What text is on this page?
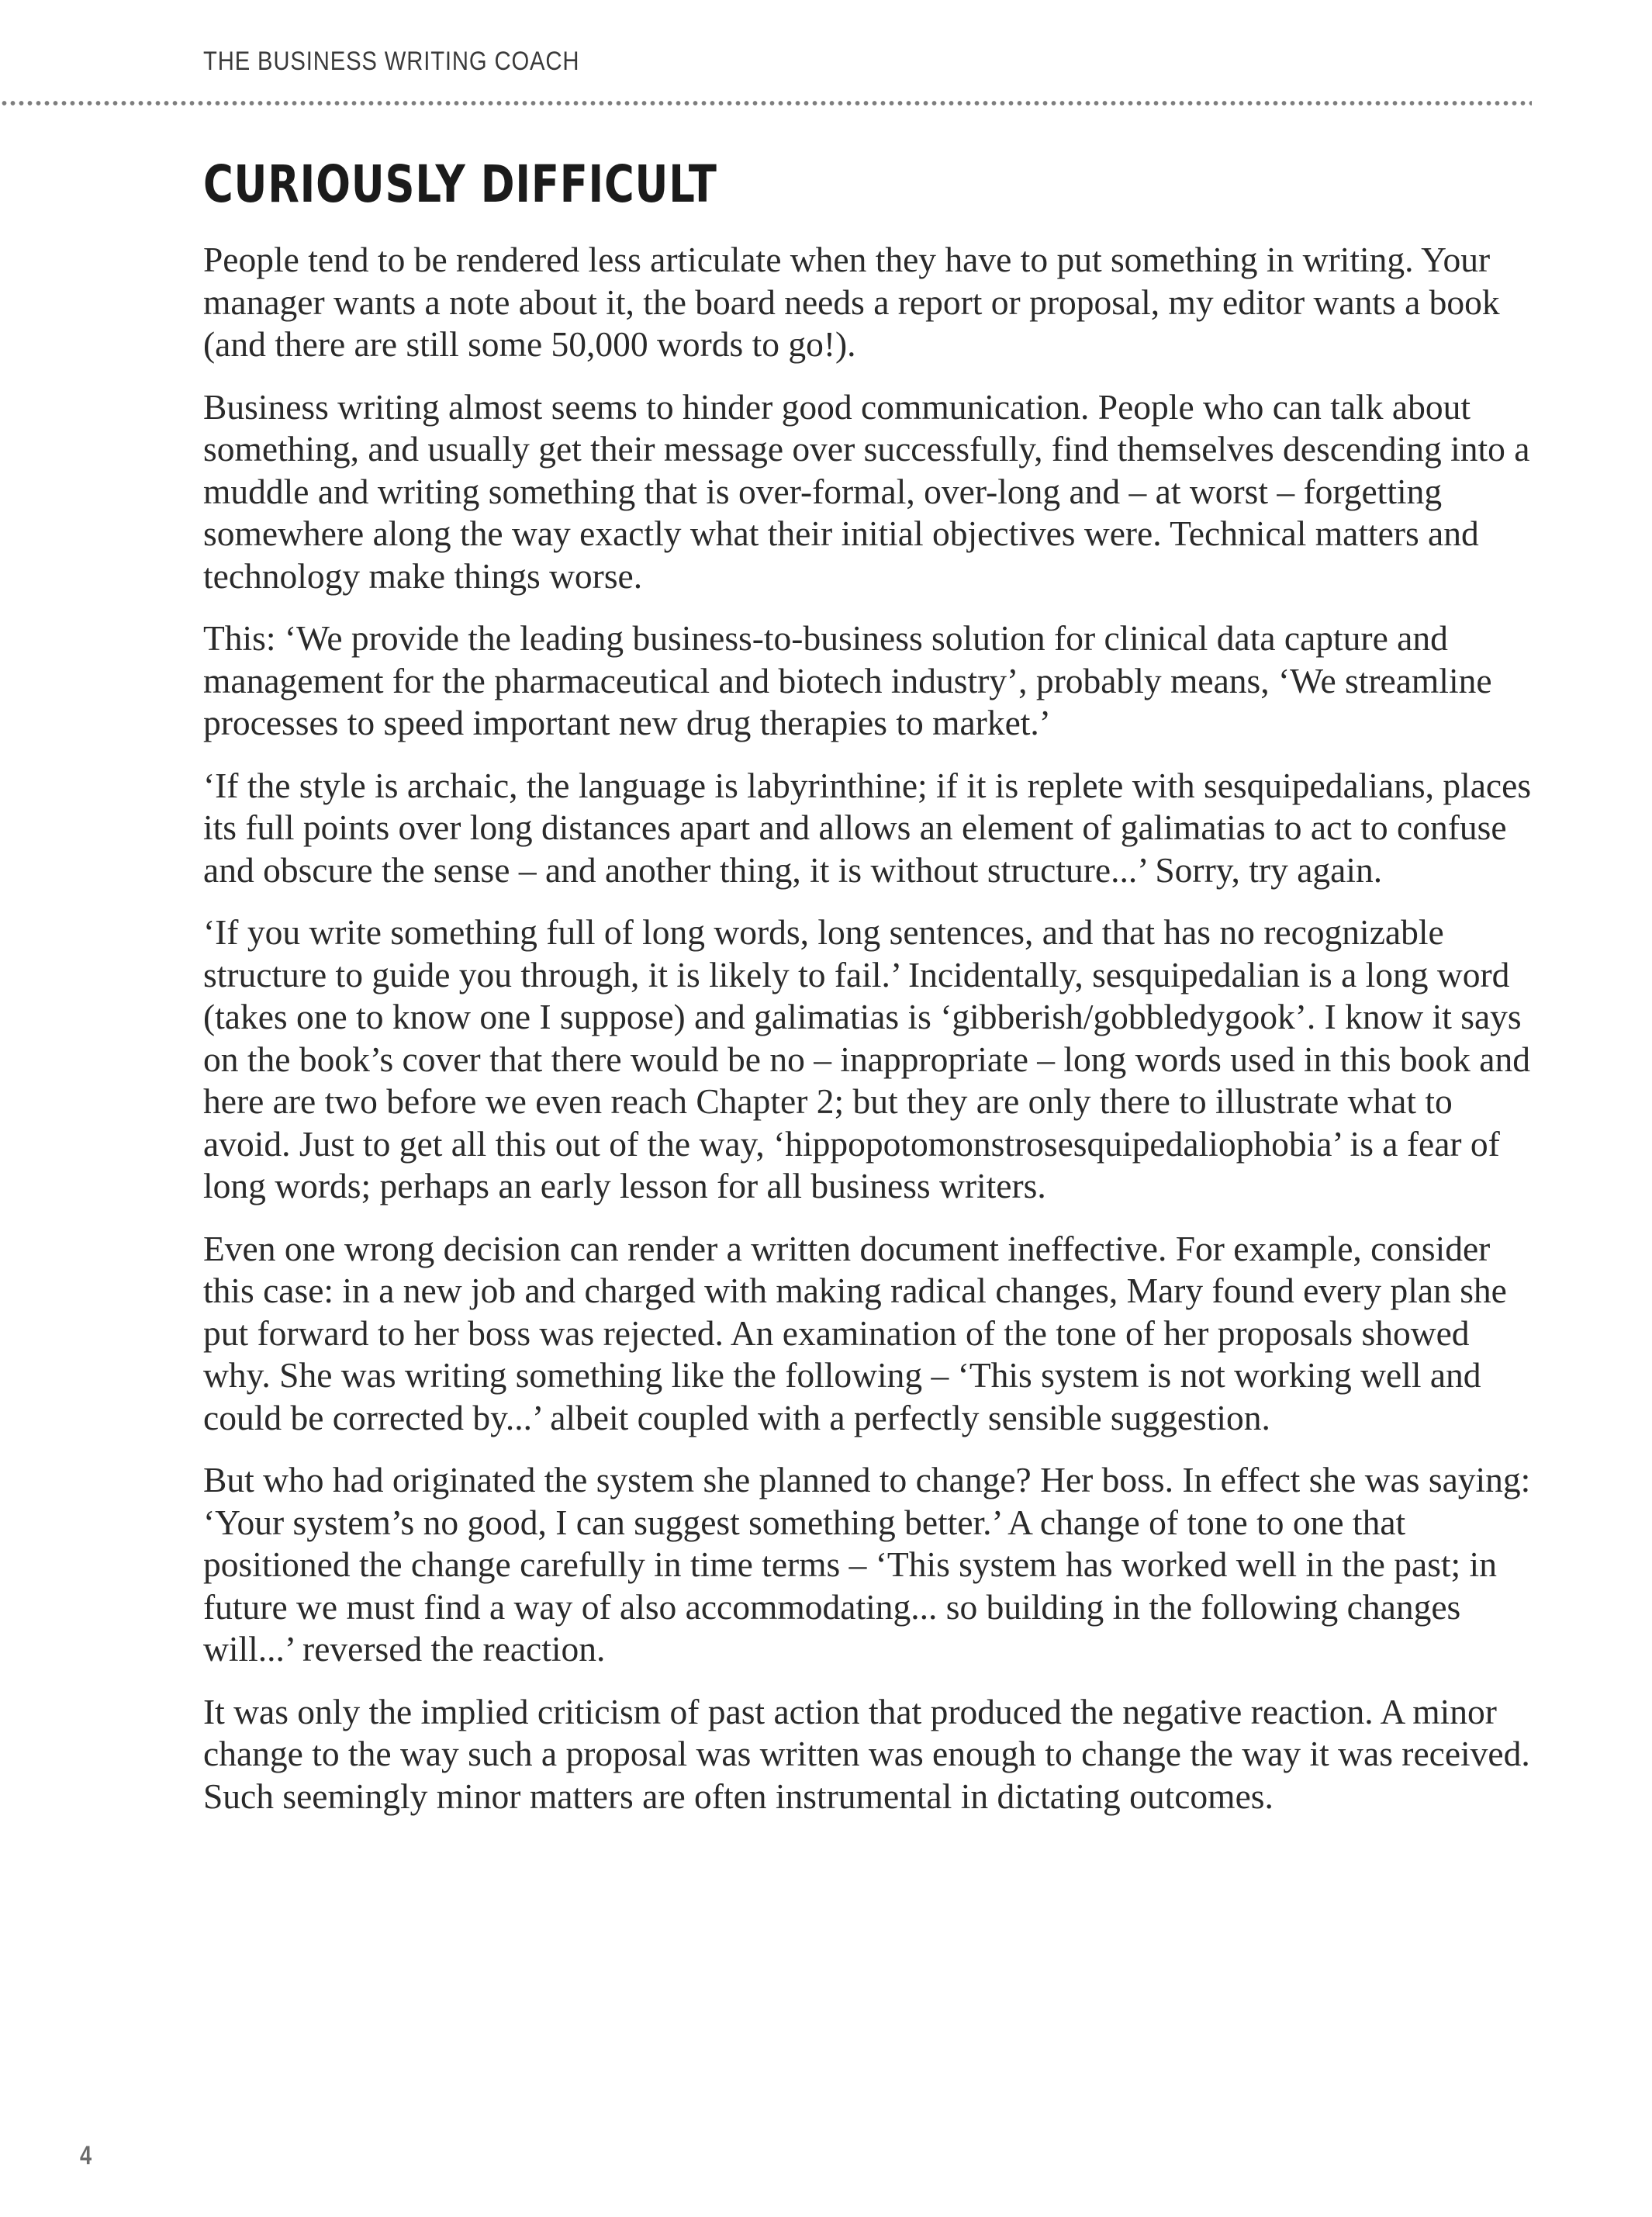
THE BUSINESS WRITING COACH
CURIOUSLY DIFFICULT

People tend to be rendered less articulate when they have to put something in writing. Your manager wants a note about it, the board needs a report or proposal, my editor wants a book (and there are still some 50,000 words to go!).

Business writing almost seems to hinder good communication. People who can talk about something, and usually get their message over successfully, find themselves descending into a muddle and writing something that is over-formal, over-long and – at worst – forgetting somewhere along the way exactly what their initial objectives were. Technical matters and technology make things worse.

This: ‘We provide the leading business-to-business solution for clinical data capture and management for the pharmaceutical and biotech industry’, probably means, ‘We streamline processes to speed important new drug therapies to market.’

‘If the style is archaic, the language is labyrinthine; if it is replete with sesquipedalians, places its full points over long distances apart and allows an element of galimatias to act to confuse and obscure the sense – and another thing, it is without structure...’ Sorry, try again.

‘If you write something full of long words, long sentences, and that has no recognizable structure to guide you through, it is likely to fail.’ Incidentally, sesquipedalian is a long word (takes one to know one I suppose) and galimatias is ‘gibberish/gobbledygook’. I know it says on the book’s cover that there would be no – inappropriate – long words used in this book and here are two before we even reach Chapter 2; but they are only there to illustrate what to avoid. Just to get all this out of the way, ‘hippopotomonstrosesquipedaliophobia’ is a fear of long words; perhaps an early lesson for all business writers.

Even one wrong decision can render a written document ineffective. For example, consider this case: in a new job and charged with making radical changes, Mary found every plan she put forward to her boss was rejected. An examination of the tone of her proposals showed why. She was writing something like the following – ‘This system is not working well and could be corrected by...’ albeit coupled with a perfectly sensible suggestion.

But who had originated the system she planned to change? Her boss. In effect she was saying: ‘Your system’s no good, I can suggest something better.’ A change of tone to one that positioned the change carefully in time terms – ‘This system has worked well in the past; in future we must find a way of also accommodating... so building in the following changes will...’ reversed the reaction.

It was only the implied criticism of past action that produced the negative reaction. A minor change to the way such a proposal was written was enough to change the way it was received. Such seemingly minor matters are often instrumental in dictating outcomes.

4
